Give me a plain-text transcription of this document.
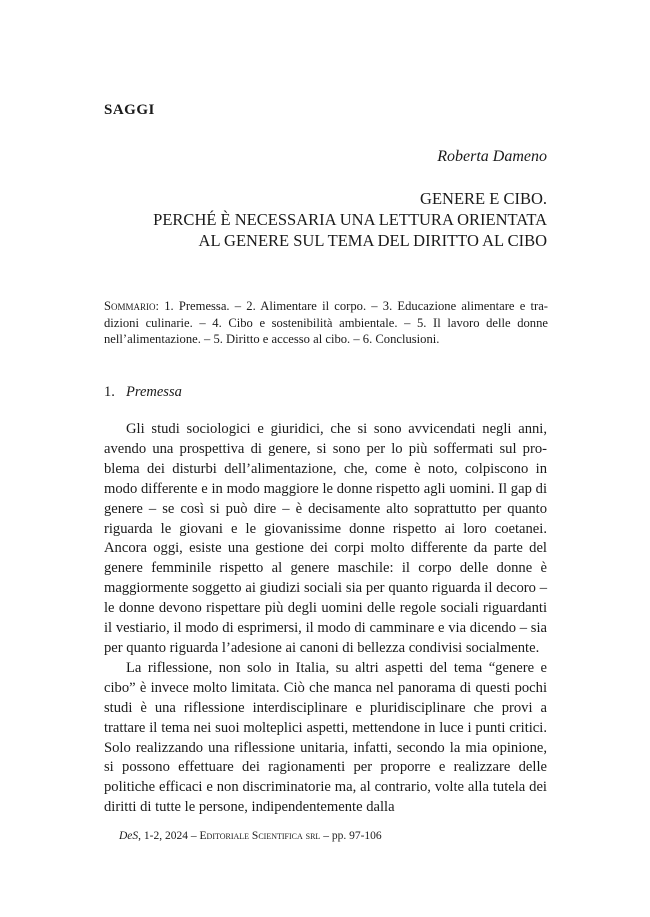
SAGGI
Roberta Dameno
GENERE E CIBO.
PERCHÉ È NECESSARIA UNA LETTURA ORIENTATA
AL GENERE SUL TEMA DEL DIRITTO AL CIBO
Sommario: 1. Premessa. – 2. Alimentare il corpo. – 3. Educazione alimentare e tradizioni culinarie. – 4. Cibo e sostenibilità ambientale. – 5. Il lavoro delle donne nell’alimentazione. – 5. Diritto e accesso al cibo. – 6. Conclusioni.
1. Premessa

Gli studi sociologici e giuridici, che si sono avvicendati negli anni, avendo una prospettiva di genere, si sono per lo più soffermati sul problema dei disturbi dell’alimentazione, che, come è noto, colpiscono in modo differente e in modo maggiore le donne rispetto agli uomini. Il gap di genere – se così si può dire – è decisamente alto soprattutto per quanto riguarda le giovani e le giovanissime donne rispetto ai loro coetanei. Ancora oggi, esiste una gestione dei corpi molto differente da parte del genere femminile rispetto al genere maschile: il corpo delle donne è maggiormente soggetto ai giudizi sociali sia per quanto riguarda il decoro – le donne devono rispettare più degli uomini delle regole sociali riguardanti il vestiario, il modo di esprimersi, il modo di camminare e via dicendo – sia per quanto riguarda l’adesione ai canoni di bellezza condivisi socialmente.

La riflessione, non solo in Italia, su altri aspetti del tema “genere e cibo” è invece molto limitata. Ciò che manca nel panorama di questi pochi studi è una riflessione interdisciplinare e pluridisciplinare che provi a trattare il tema nei suoi molteplici aspetti, mettendone in luce i punti critici. Solo realizzando una riflessione unitaria, infatti, secondo la mia opinione, si possono effettuare dei ragionamenti per proporre e realizzare delle politiche efficaci e non discriminatorie ma, al contrario, volte alla tutela dei diritti di tutte le persone, indipendentemente dalla

DeS, 1-2, 2024 – Editoriale Scientifica srl – pp. 97-106
